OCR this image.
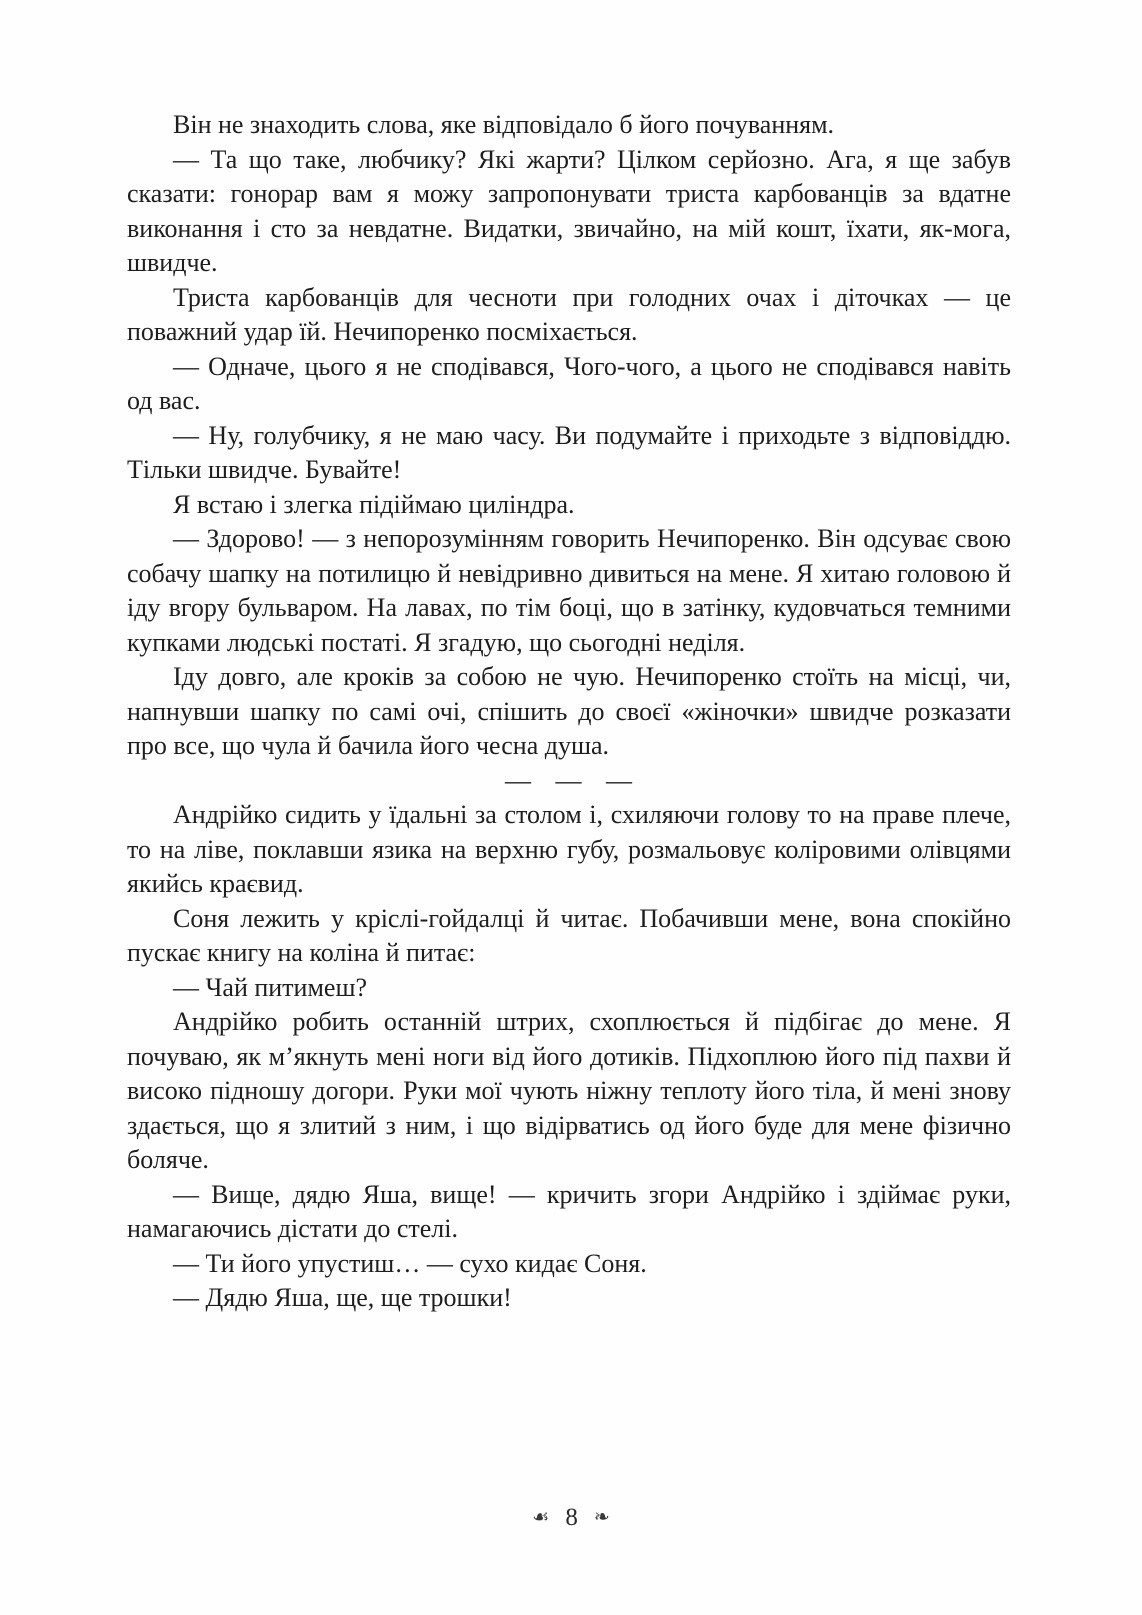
Він не знаходить слова, яке відповідало б його почуванням.

— Та що таке, любчику? Які жарти? Цілком серйозно. Ага, я ще забув сказати: гонорар вам я можу запропонувати триста карбованців за вдатне виконання і сто за невдатне. Видатки, звичайно, на мій кошт, їхати, як-мога, швидче.

Триста карбованців для чесноти при голодних очах і діточках — це поважний удар їй. Нечипоренко посміхається.

— Одначе, цього я не сподівався, Чого-чого, а цього не сподівався навіть од вас.

— Ну, голубчику, я не маю часу. Ви подумайте і приходьте з відповіддю. Тільки швидче. Бувайте!

Я встаю і злегка підіймаю циліндра.

— Здорово! — з непорозумінням говорить Нечипоренко. Він одсуває свою собачу шапку на потилицю й невідривно дивиться на мене. Я хитаю головою й іду вгору бульваром. На лавах, по тім боці, що в затінку, кудовчаться темними купками людські постаті. Я згадую, що сьогодні неділя.

Іду довго, але кроків за собою не чую. Нечипоренко стоїть на місці, чи, напнувши шапку по самі очі, спішить до своєї «жіночки» швидче розказати про все, що чула й бачила його чесна душа.

— — —

Андрійко сидить у їдальні за столом і, схиляючи голову то на праве плече, то на ліве, поклавши язика на верхню губу, розмальовує коліровими олівцями якийсь краєвид.

Соня лежить у кріслі-гойдалці й читає. Побачивши мене, вона спокійно пускає книгу на коліна й питає:

— Чай питимеш?

Андрійко робить останній штрих, схоплюється й підбігає до мене. Я почуваю, як м’якнуть мені ноги від його дотиків. Підхоплюю його під пахви й високо підношу догори. Руки мої чують ніжну теплоту його тіла, й мені знову здається, що я злитий з ним, і що відірватись од його буде для мене фізично боляче.

— Вище, дядю Яша, вище! — кричить згори Андрійко і здіймає руки, намагаючись дістати до стелі.

— Ти його упустиш… — сухо кидає Соня.

— Дядю Яша, ще, ще трошки!

☙ 8 ❧
